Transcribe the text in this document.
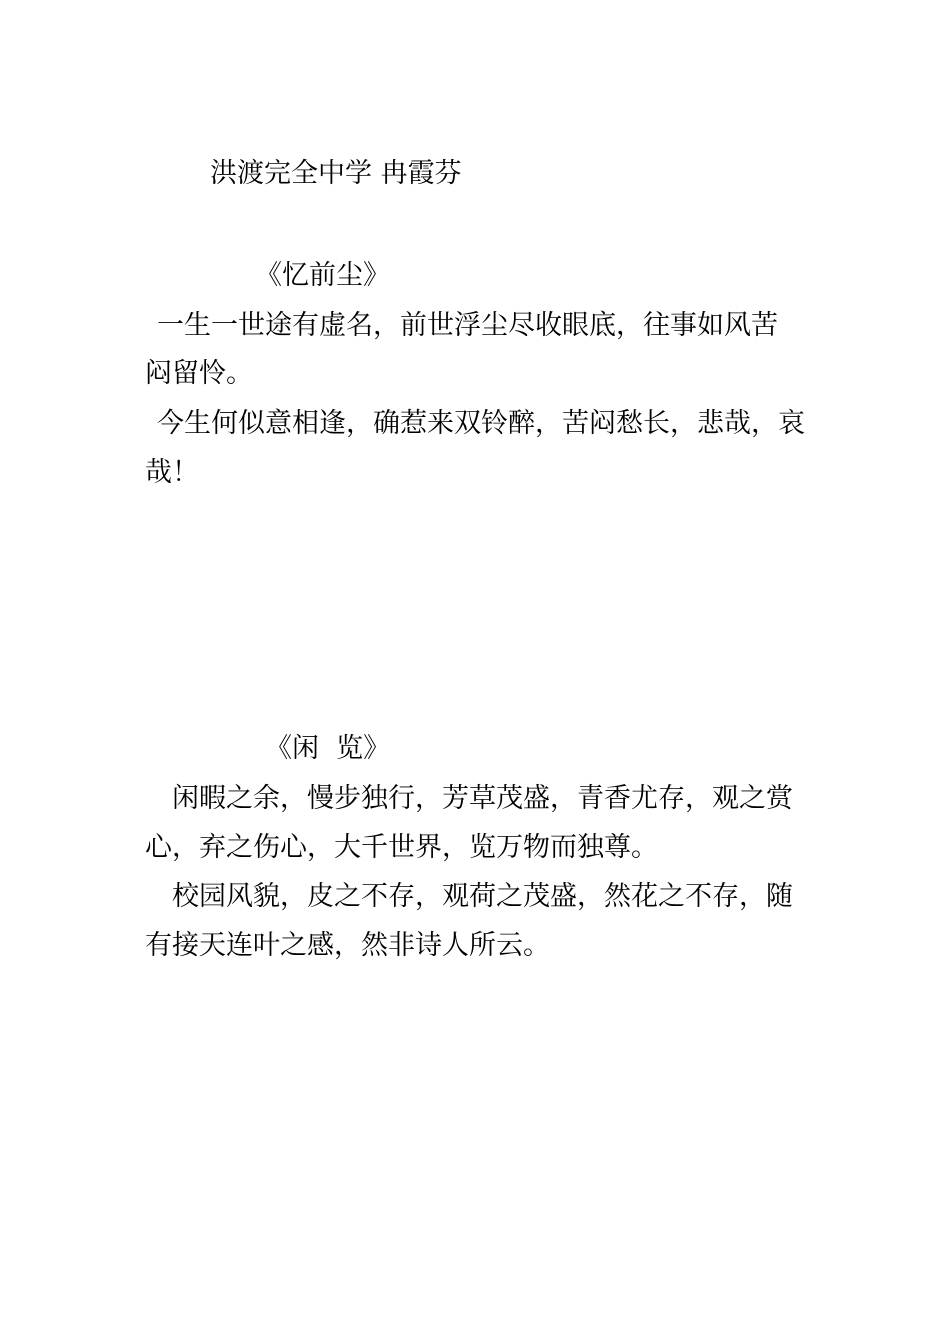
洪渡完全中学 冉霞芬
《忆前尘》
一生一世途有虚名，前世浮尘尽收眼底，往事如风苦
闷留怜。
今生何似意相逢，确惹来双铃醉，苦闷愁长，悲哉，哀
哉！
《闲  览》
闲暇之余，慢步独行，芳草茂盛，青香尤存，观之赏
心，弃之伤心，大千世界，览万物而独尊。
校园风貌，皮之不存，观荷之茂盛，然花之不存，随
有接天连叶之感，然非诗人所云。
